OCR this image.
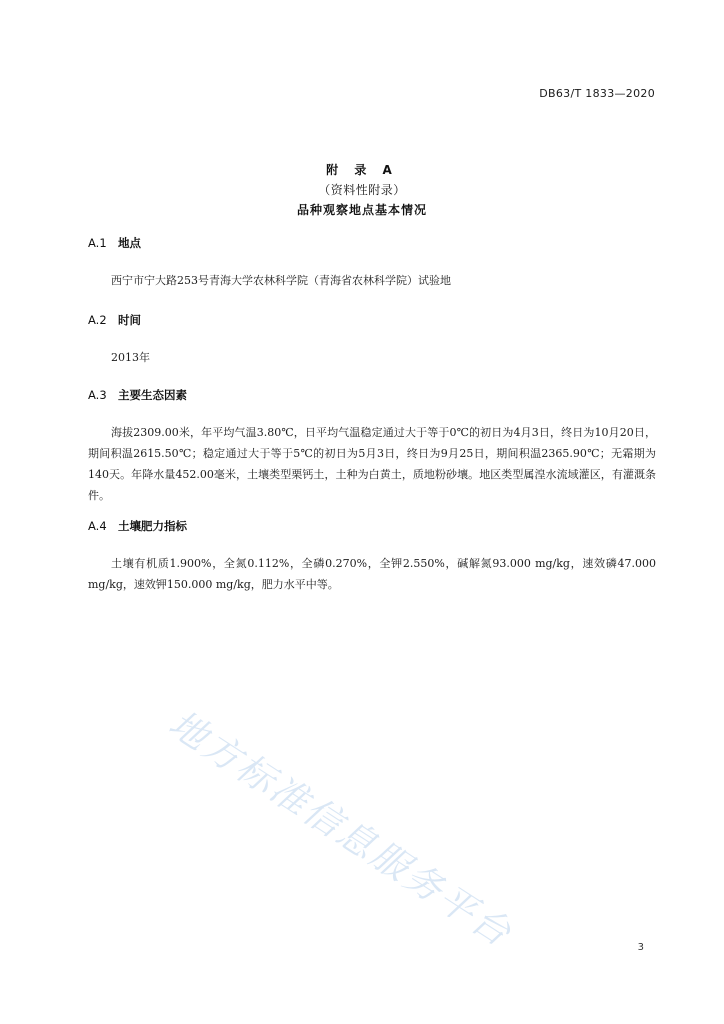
DB63/T 1833—2020
附 录 A
（资料性附录）
品种观察地点基本情况
A.1 地点
西宁市宁大路253号青海大学农林科学院（青海省农林科学院）试验地
A.2 时间
2013年
A.3 主要生态因素
海拔2309.00米，年平均气温3.80℃，日平均气温稳定通过大于等于0℃的初日为4月3日，终日为10月20日，期间积温2615.50℃；稳定通过大于等于5℃的初日为5月3日，终日为9月25日，期间积温2365.90℃；无霜期为140天。年降水量452.00毫米，土壤类型栗钙土，土种为白黄土，质地粉砂壤。地区类型属湟水流域灌区，有灌溉条件。
A.4 土壤肥力指标
土壤有机质1.900%，全氮0.112%，全磷0.270%，全钾2.550%，碱解氮93.000 mg/kg，速效磷47.000 mg/kg，速效钾150.000 mg/kg，肥力水平中等。
地方标准信息服务平台	3
